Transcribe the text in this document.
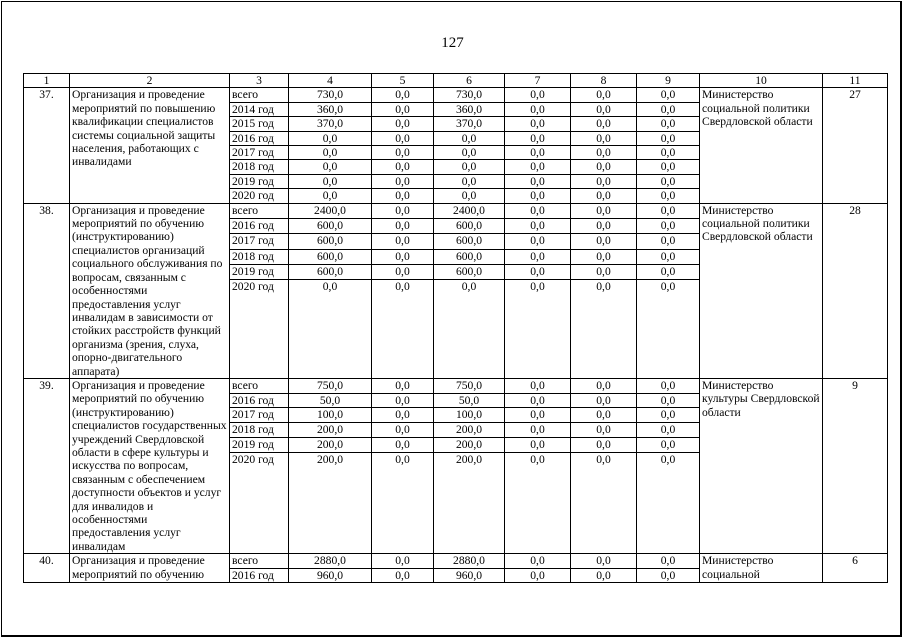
127
1	2	3	4	5	6	7	8	9	10	11
37.	Организация и проведение мероприятий по повышению квалификации специалистов системы социальной защиты населения, работающих с инвалидами	всего	730,0	0,0	730,0	0,0	0,0	0,0	Министерство социальной политики Свердловской области	27
		2014 год	360,0	0,0	360,0	0,0	0,0	0,0		
		2015 год	370,0	0,0	370,0	0,0	0,0	0,0		
		2016 год	0,0	0,0	0,0	0,0	0,0	0,0		
		2017 год	0,0	0,0	0,0	0,0	0,0	0,0		
		2018 год	0,0	0,0	0,0	0,0	0,0	0,0		
		2019 год	0,0	0,0	0,0	0,0	0,0	0,0		
		2020 год	0,0	0,0	0,0	0,0	0,0	0,0		
38.	Организация и проведение мероприятий по обучению (инструктированию) специалистов организаций социального обслуживания по вопросам, связанным с особенностями предоставления услуг инвалидам в зависимости от стойких расстройств функций организма (зрения, слуха, опорно-двигательного аппарата)	всего	2400,0	0,0	2400,0	0,0	0,0	0,0	Министерство социальной политики Свердловской области	28
		2016 год	600,0	0,0	600,0	0,0	0,0	0,0		
		2017 год	600,0	0,0	600,0	0,0	0,0	0,0		
		2018 год	600,0	0,0	600,0	0,0	0,0	0,0		
		2019 год	600,0	0,0	600,0	0,0	0,0	0,0		
		2020 год	0,0	0,0	0,0	0,0	0,0	0,0		
39.	Организация и проведение мероприятий по обучению (инструктированию) специалистов государственных учреждений Свердловской области в сфере культуры и искусства по вопросам, связанным с обеспечением доступности объектов и услуг для инвалидов и особенностями предоставления услуг инвалидам	всего	750,0	0,0	750,0	0,0	0,0	0,0	Министерство культуры Свердловской области	9
		2016 год	50,0	0,0	50,0	0,0	0,0	0,0		
		2017 год	100,0	0,0	100,0	0,0	0,0	0,0		
		2018 год	200,0	0,0	200,0	0,0	0,0	0,0		
		2019 год	200,0	0,0	200,0	0,0	0,0	0,0		
		2020 год	200,0	0,0	200,0	0,0	0,0	0,0		
40.	Организация и проведение мероприятий по обучению	всего	2880,0	0,0	2880,0	0,0	0,0	0,0	Министерство социальной	6
		2016 год	960,0	0,0	960,0	0,0	0,0	0,0		
